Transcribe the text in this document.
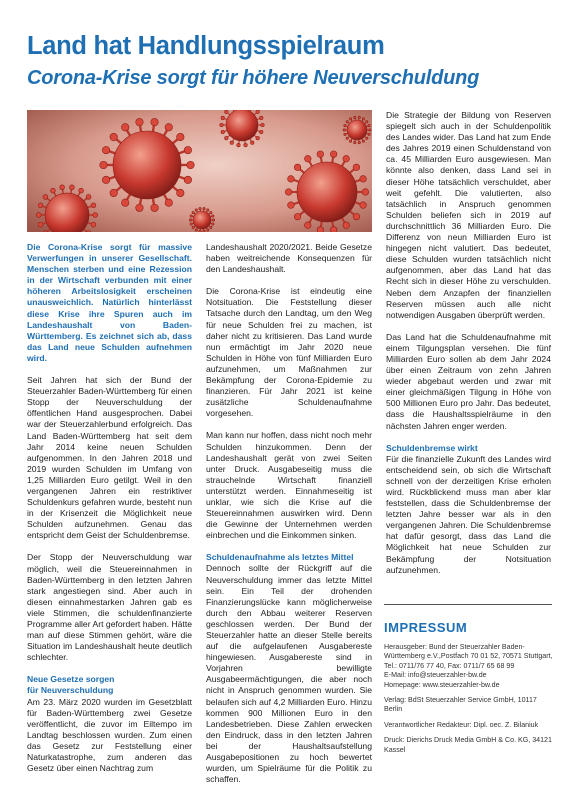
Land hat Handlungsspielraum
Corona-Krise sorgt für höhere Neuverschuldung

Die Corona-Krise sorgt für massive Verwerfungen in unserer Gesellschaft. Menschen sterben und eine Rezession in der Wirtschaft verbunden mit einer höheren Arbeitslosigkeit erscheinen unausweichlich. Natürlich hinterlässt diese Krise ihre Spuren auch im Landeshaushalt von Baden-Württemberg. Es zeichnet sich ab, dass das Land neue Schulden aufnehmen wird.

Seit Jahren hat sich der Bund der Steuerzahler Baden-Württemberg für einen Stopp der Neuverschuldung der öffentlichen Hand ausgesprochen. Dabei war der Steuerzahlerbund erfolgreich. Das Land Baden-Württemberg hat seit dem Jahr 2014 keine neuen Schulden aufgenommen. In den Jahren 2018 und 2019 wurden Schulden im Umfang von 1,25 Milliarden Euro getilgt. Weil in den vergangenen Jahren ein restriktiver Schuldenkurs gefahren wurde, besteht nun in der Krisenzeit die Möglichkeit neue Schulden aufzunehmen. Genau das entspricht dem Geist der Schuldenbremse.

Der Stopp der Neuverschuldung war möglich, weil die Steuereinnahmen in Baden-Württemberg in den letzten Jahren stark angestiegen sind. Aber auch in diesen einnahmestarken Jahren gab es viele Stimmen, die schuldenfinanzierte Programme aller Art gefordert haben. Hätte man auf diese Stimmen gehört, wäre die Situation im Landeshaushalt heute deutlich schlechter.

Neue Gesetze sorgen
für Neuverschuldung

Am 23. März 2020 wurden im Gesetzblatt für Baden-Württemberg zwei Gesetze veröffentlicht, die zuvor im Eiltempo im Landtag beschlossen wurden. Zum einen das Gesetz zur Feststellung einer Naturkatastrophe, zum anderen das Gesetz über einen Nachtrag zum

Landeshaushalt 2020/2021. Beide Gesetze haben weitreichende Konsequenzen für den Landeshaushalt.

Die Corona-Krise ist eindeutig eine Notsituation. Die Feststellung dieser Tatsache durch den Landtag, um den Weg für neue Schulden frei zu machen, ist daher nicht zu kritisieren. Das Land wurde nun ermächtigt im Jahr 2020 neue Schulden in Höhe von fünf Milliarden Euro aufzunehmen, um Maßnahmen zur Bekämpfung der Corona-Epidemie zu finanzieren. Für Jahr 2021 ist keine zusätzliche Schuldenaufnahme vorgesehen.

Man kann nur hoffen, dass nicht noch mehr Schulden hinzukommen. Denn der Landeshaushalt gerät von zwei Seiten unter Druck. Ausgabeseitig muss die strauchelnde Wirtschaft finanziell unterstützt werden. Einnahmeseitig ist unklar, wie sich die Krise auf die Steuereinnahmen auswirken wird. Denn die Gewinne der Unternehmen werden einbrechen und die Einkommen sinken.

Schuldenaufnahme als letztes Mittel

Dennoch sollte der Rückgriff auf die Neuverschuldung immer das letzte Mittel sein. Ein Teil der drohenden Finanzierungslücke kann möglicherweise durch den Abbau weiterer Reserven geschlossen werden. Der Bund der Steuerzahler hatte an dieser Stelle bereits auf die aufgelaufenen Ausgabereste hingewiesen. Ausgabereste sind in Vorjahren bewilligte Ausgabeermächtigungen, die aber noch nicht in Anspruch genommen wurden. Sie belaufen sich auf 4,2 Milliarden Euro. Hinzu kommen 900 Millionen Euro in den Landesbetrieben. Diese Zahlen erwecken den Eindruck, dass in den letzten Jahren bei der Haushaltsaufstellung Ausgabepositionen zu hoch bewertet wurden, um Spielräume für die Politik zu schaffen.

Die Strategie der Bildung von Reserven spiegelt sich auch in der Schuldenpolitik des Landes wider. Das Land hat zum Ende des Jahres 2019 einen Schuldenstand von ca. 45 Milliarden Euro ausgewiesen. Man könnte also denken, dass Land sei in dieser Höhe tatsächlich verschuldet, aber weit gefehlt. Die valutierten, also tatsächlich in Anspruch genommen Schulden beliefen sich in 2019 auf durchschnittlich 36 Milliarden Euro. Die Differenz von neun Milliarden Euro ist hingegen nicht valutiert. Das bedeutet, diese Schulden wurden tatsächlich nicht aufgenommen, aber das Land hat das Recht sich in dieser Höhe zu verschulden. Neben dem Anzapfen der finanziellen Reserven müssen auch alle nicht notwendigen Ausgaben überprüft werden.

Das Land hat die Schuldenaufnahme mit einem Tilgungsplan versehen. Die fünf Milliarden Euro sollen ab dem Jahr 2024 über einen Zeitraum von zehn Jahren wieder abgebaut werden und zwar mit einer gleichmäßigen Tilgung in Höhe von 500 Millionen Euro pro Jahr. Das bedeutet, dass die Haushaltsspielräume in den nächsten Jahren enger werden.

Schuldenbremse wirkt

Für die finanzielle Zukunft des Landes wird entscheidend sein, ob sich die Wirtschaft schnell von der derzeitigen Krise erholen wird. Rückblickend muss man aber klar feststellen, dass die Schuldenbremse der letzten Jahre besser war als in den vergangenen Jahren. Die Schuldenbremse hat dafür gesorgt, dass das Land die Möglichkeit hat neue Schulden zur Bekämpfung der Notsituation aufzunehmen.

IMPRESSUM

Herausgeber: Bund der Steuerzahler Baden-Württemberg e.V.,Postfach 70 01 52, 70571 Stuttgart,

Tel.: 0711/76 77 40, Fax: 0711/7 65 68 99

E-Mail: info@steuerzahler-bw.de

Homepage: www.steuerzahler-bw.de

Verlag: BdSt Steuerzahler Service GmbH, 10117 Berlin

Verantwortlicher Redakteur: Dipl. oec. Z. Bilaniuk

Druck: Dierichs Druck Media GmbH & Co. KG, 34121 Kassel
